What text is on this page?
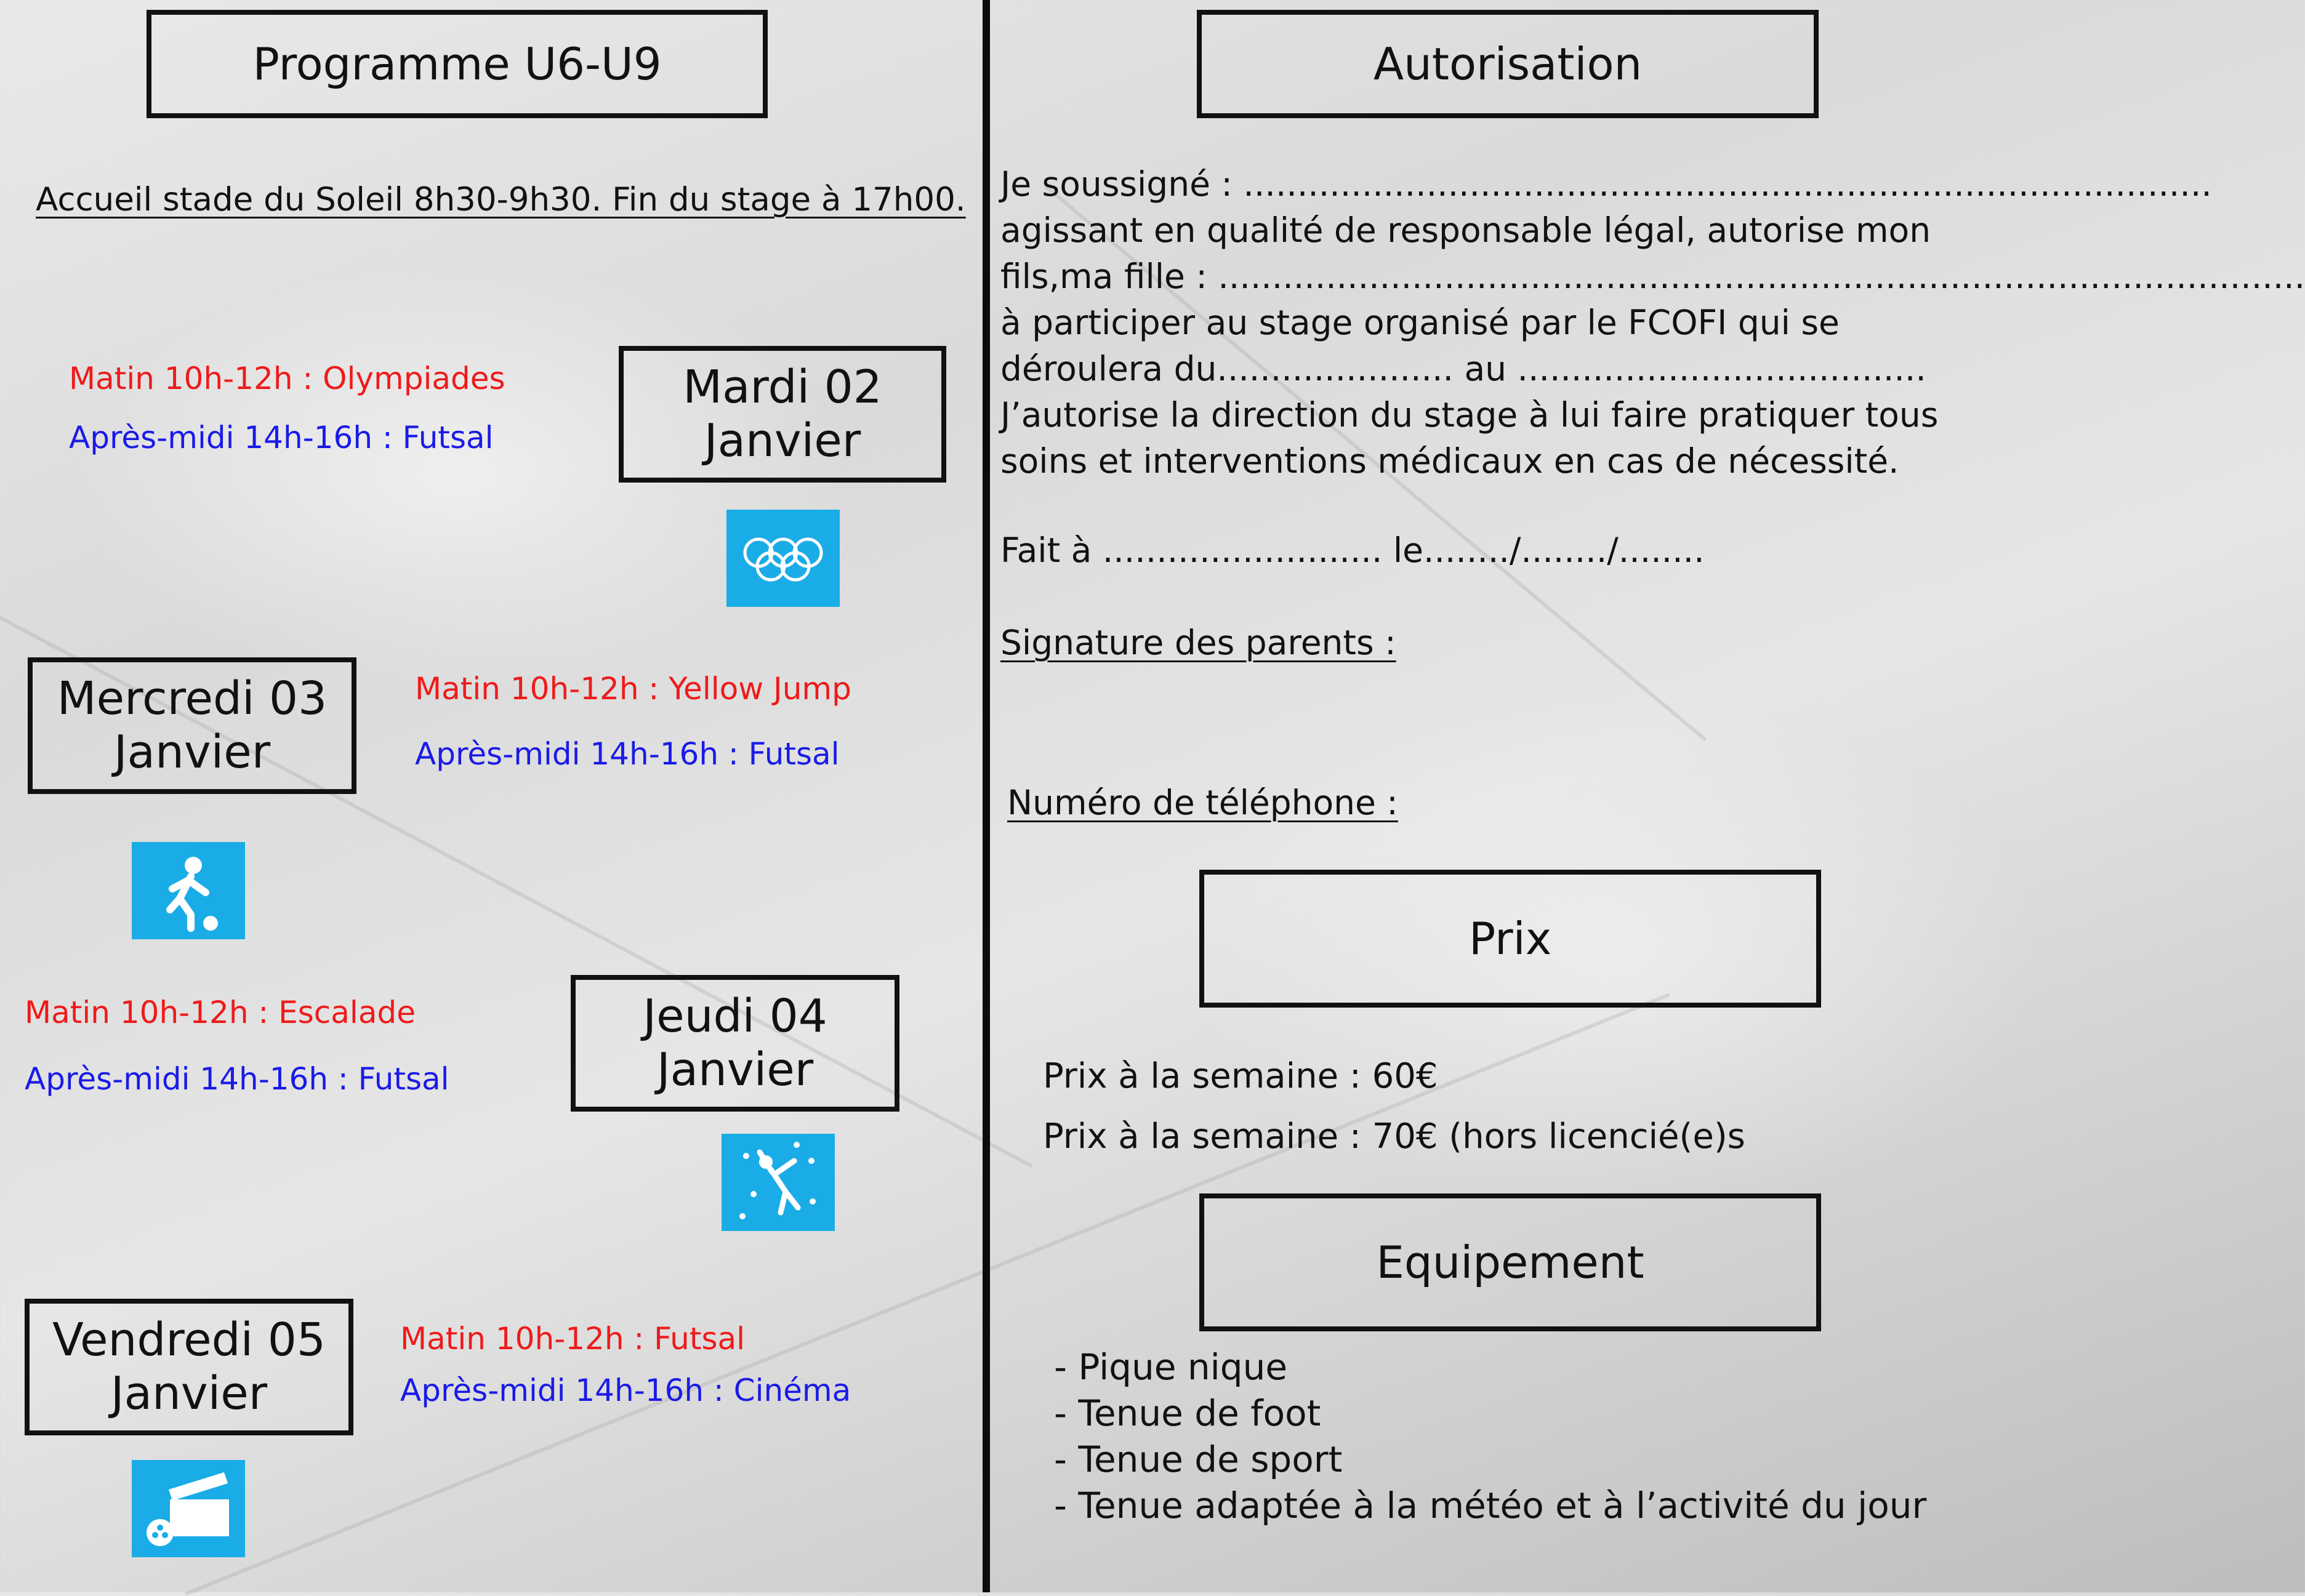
Programme U6-U9
Accueil stade du Soleil 8h30-9h30. Fin du stage à 17h00.
Matin 10h-12h : Olympiades
Après-midi 14h-16h : Futsal
Mardi 02
Janvier
Mercredi 03
Janvier
Matin 10h-12h : Yellow Jump
Après-midi 14h-16h : Futsal
Matin 10h-12h : Escalade
Après-midi 14h-16h : Futsal
Jeudi 04
Janvier
Vendredi 05
Janvier
Matin 10h-12h : Futsal
Après-midi 14h-16h : Cinéma
Autorisation
Je soussigné : ..........................................................................................
agissant en qualité de responsable légal, autorise mon
fils,ma fille : .....................................................................................................
à participer au stage organisé par le FCOFI qui se
déroulera du...................... au ......................................
J’autorise la direction du stage à lui faire pratiquer tous
soins et interventions médicaux en cas de nécessité.
Fait à .......................... le......../......../........
Signature des parents :
Numéro de téléphone :
Prix
Prix à la semaine : 60€
Prix à la semaine : 70€ (hors licencié(e)s
Equipement
- Pique nique
- Tenue de foot
- Tenue de sport
- Tenue adaptée à la météo et à l’activité du jour
